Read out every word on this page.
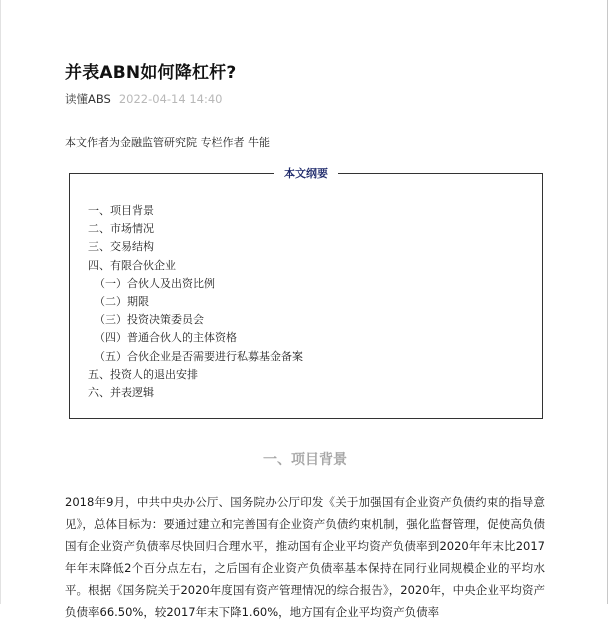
并表ABN如何降杠杆?
读懂ABS 2022-04-14 14:40
本文作者为金融监管研究院 专栏作者 牛能
本文纲要
一、项目背景
二、市场情况
三、交易结构
四、有限合伙企业
（一）合伙人及出资比例
（二）期限
（三）投资决策委员会
（四）普通合伙人的主体资格
（五）合伙企业是否需要进行私募基金备案
五、投资人的退出安排
六、并表逻辑
一、项目背景

2018年9月，中共中央办公厅、国务院办公厅印发《关于加强国有企业资产负债约束的指导意见》，总体目标为：要通过建立和完善国有企业资产负债约束机制，强化监督管理，促使高负债国有企业资产负债率尽快回归合理水平，推动国有企业平均资产负债率到2020年年末比2017年年末降低2个百分点左右，之后国有企业资产负债率基本保持在同行业同规模企业的平均水平。根据《国务院关于2020年度国有资产管理情况的综合报告》，2020年，中央企业平均资产负债率66.50%，较2017年末下降1.60%，地方国有企业平均资产负债率
